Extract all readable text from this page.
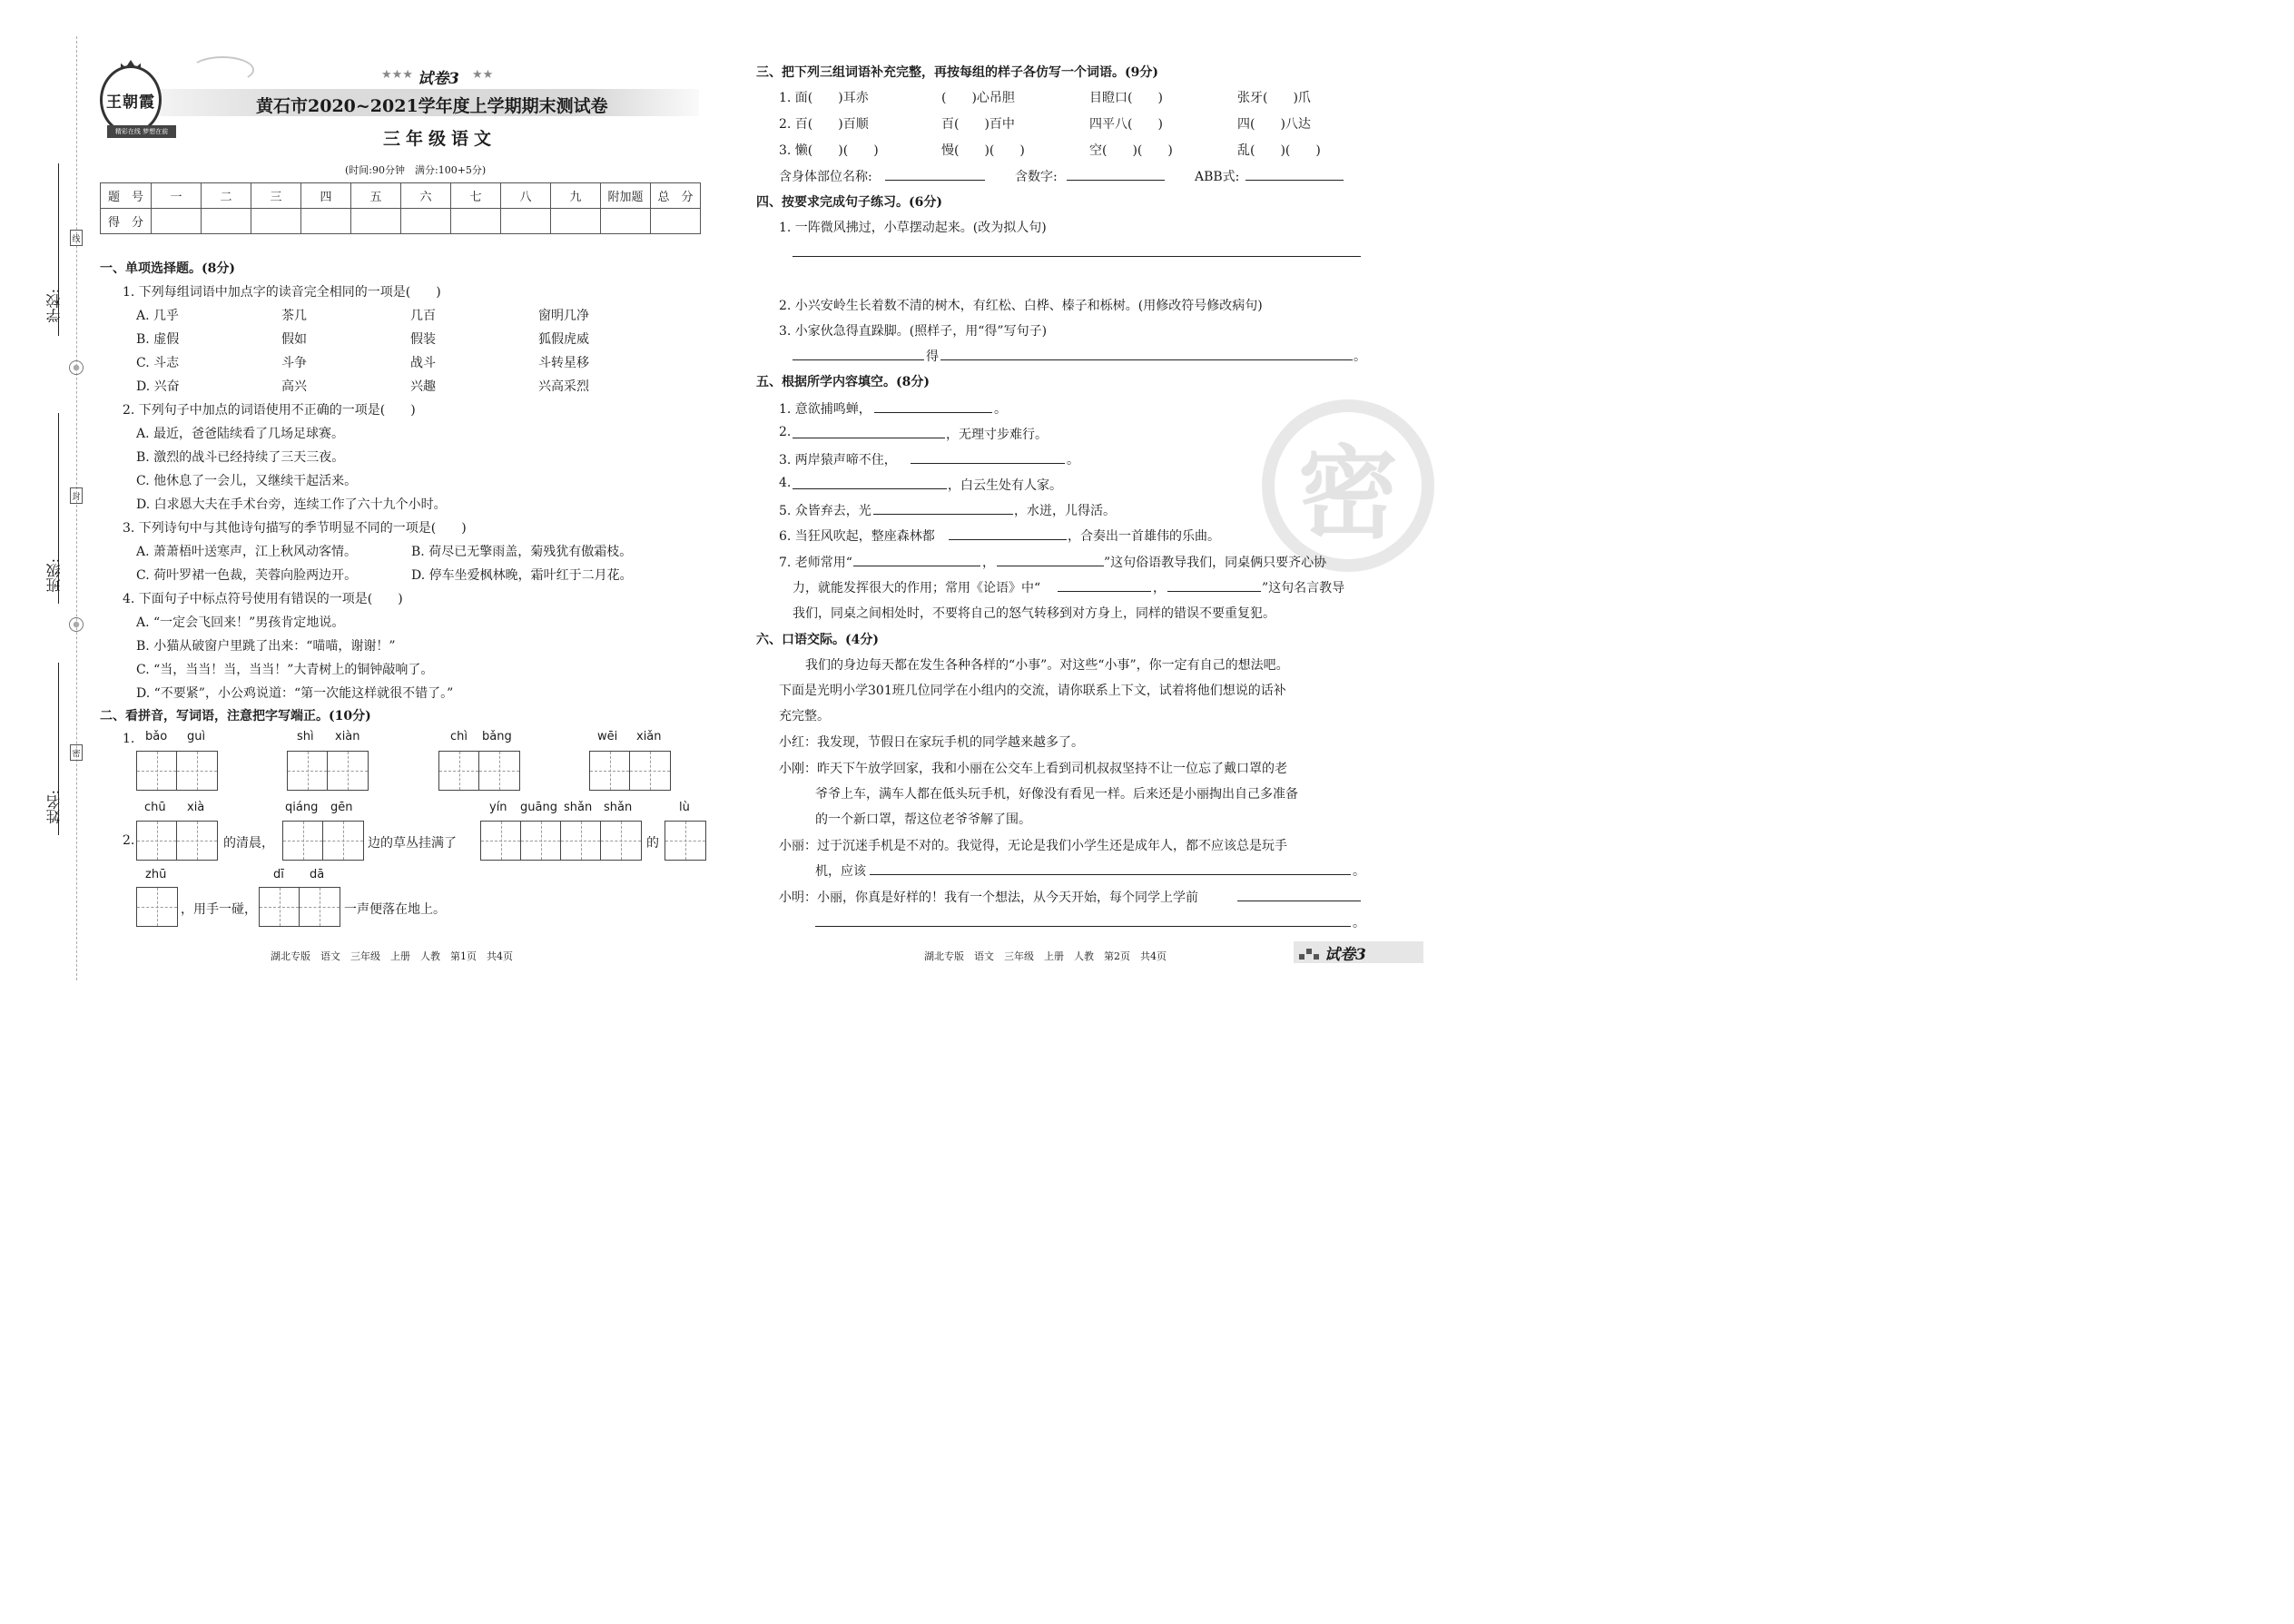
密
学校:
线
班级:
封
姓名:
密
王朝霞
精彩在线 梦想在前
★★★ 试卷3 ★★
黄石市2020~2021学年度上学期期末测试卷
三年级语文
(时间:90分钟　满分:100+5分)
题　号	一	二	三	四	五	六	七	八	九	附加题	总　分
得　分											
一、单项选择题。(8分)
1. 下列每组词语中加点字的读音完全相同的一项是(　　)
A. 几乎	茶几	几百	窗明几净
B. 虚假	假如	假装	狐假虎威
C. 斗志	斗争	战斗	斗转星移
D. 兴奋	高兴	兴趣	兴高采烈
2. 下列句子中加点的词语使用不正确的一项是(　　)
A. 最近，爸爸陆续看了几场足球赛。
B. 激烈的战斗已经持续了三天三夜。
C. 他休息了一会儿，又继续干起活来。
D. 白求恩大夫在手术台旁，连续工作了六十九个小时。
3. 下列诗句中与其他诗句描写的季节明显不同的一项是(　　)
A. 萧萧梧叶送寒声，江上秋风动客情。	B. 荷尽已无擎雨盖，菊残犹有傲霜枝。
C. 荷叶罗裙一色裁，芙蓉向脸两边开。	D. 停车坐爱枫林晚，霜叶红于二月花。
4. 下面句子中标点符号使用有错误的一项是(　　)
A. “一定会飞回来！”男孩肯定地说。
B. 小猫从破窗户里跳了出来：“喵喵，谢谢！”
C. “当，当当！当，当当！”大青树上的铜钟敲响了。
D. “不要紧”，小公鸡说道：“第一次能这样就很不错了。”
二、看拼音，写词语，注意把字写端正。(10分)
1. bǎo guì	shì xiàn	chì bǎng	wēi xiǎn
chū xià	qiáng gēn	yín guāng shǎn shǎn	lù
2.	的清晨，	边的草丛挂满了	的
zhū	dī dā
，用手一碰，	一声便落在地上。
湖北专版　语文　三年级　上册　人教　第1页　共4页
三、把下列三组词语补充完整，再按每组的样子各仿写一个词语。(9分)
1. 面(　　)耳赤	(　　)心吊胆	目瞪口(　　)	张牙(　　)爪
2. 百(　　)百顺	百(　　)百中	四平八(　　)	四(　　)八达
3. 懒(　　)(　　)	慢(　　)(　　)	空(　　)(　　)	乱(　　)(　　)
含身体部位名称:	含数字:	ABB式:
四、按要求完成句子练习。(6分)
1. 一阵微风拂过，小草摆动起来。(改为拟人句)
2. 小兴安岭生长着数不清的树木，有红松、白桦、榛子和栎树。(用修改符号修改病句)
3. 小家伙急得直跺脚。(照样子，用“得”写句子)
得	。
五、根据所学内容填空。(8分)
1. 意欲捕鸣蝉，	。
2.	，无理寸步难行。
3. 两岸猿声啼不住，	。
4.	，白云生处有人家。
5. 众皆弃去，光	，水迸，儿得活。
6. 当狂风吹起，整座森林都	，合奏出一首雄伟的乐曲。
7. 老师常用“	，	”这句俗语教导我们，同桌俩只要齐心协
力，就能发挥很大的作用；常用《论语》中“	，	”这句名言教导
我们，同桌之间相处时，不要将自己的怒气转移到对方身上，同样的错误不要重复犯。
六、口语交际。(4分)
我们的身边每天都在发生各种各样的“小事”。对这些“小事”，你一定有自己的想法吧。
下面是光明小学301班几位同学在小组内的交流，请你联系上下文，试着将他们想说的话补
充完整。
小红：我发现，节假日在家玩手机的同学越来越多了。
小刚：昨天下午放学回家，我和小丽在公交车上看到司机叔叔坚持不让一位忘了戴口罩的老
爷爷上车，满车人都在低头玩手机，好像没有看见一样。后来还是小丽掏出自己多准备
的一个新口罩，帮这位老爷爷解了围。
小丽：过于沉迷手机是不对的。我觉得，无论是我们小学生还是成年人，都不应该总是玩手
机，应该	。
小明：小丽，你真是好样的！我有一个想法，从今天开始，每个同学上学前
。
湖北专版　语文　三年级　上册　人教　第2页　共4页	试卷3
